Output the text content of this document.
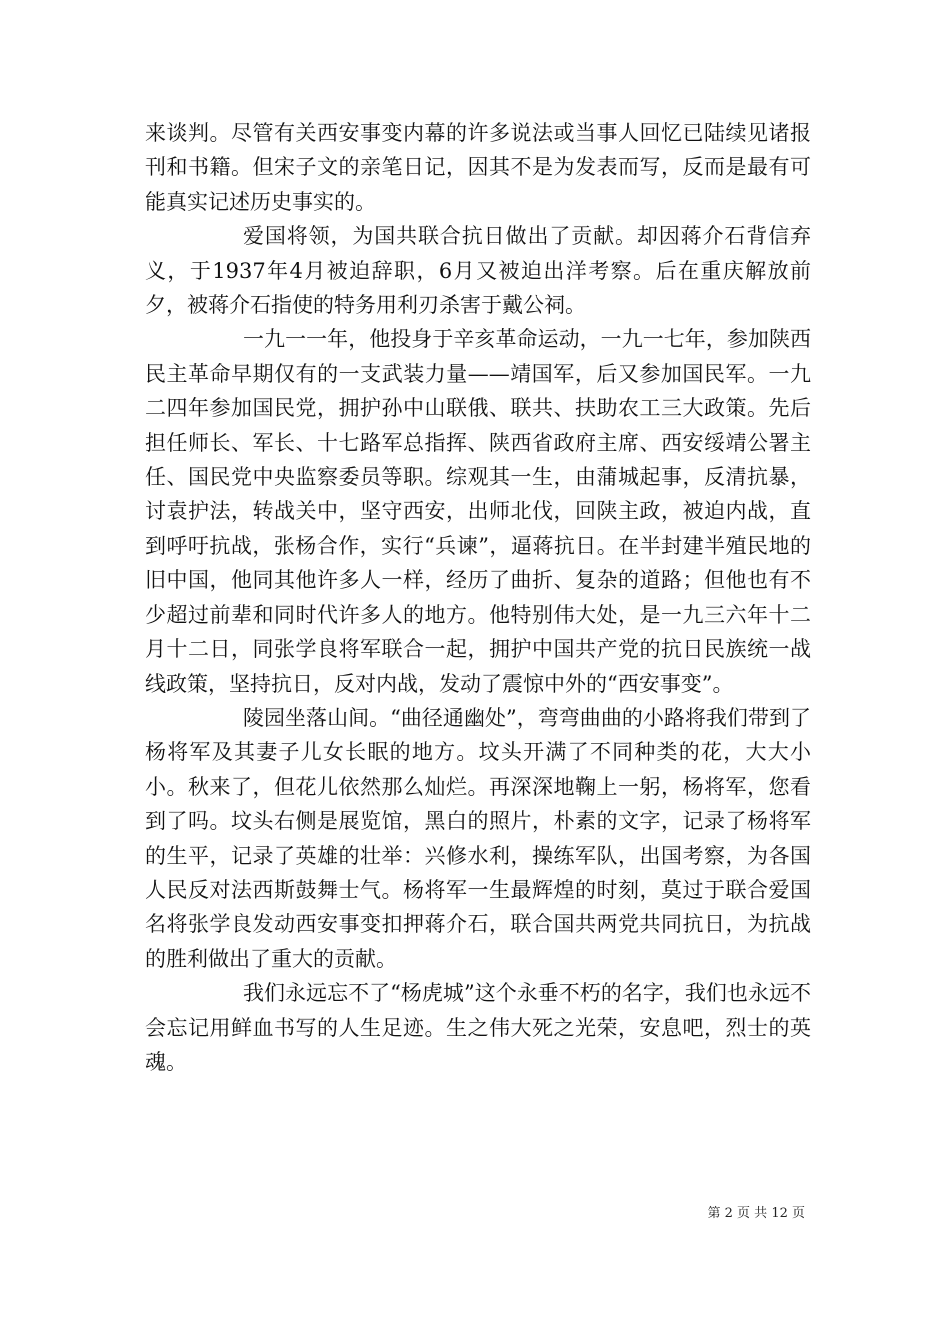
来谈判。尽管有关西安事变内幕的许多说法或当事人回忆已陆续见诸报刊和书籍。但宋子文的亲笔日记，因其不是为发表而写，反而是最有可能真实记述历史事实的。

爱国将领，为国共联合抗日做出了贡献。却因蒋介石背信弃义，于1937年4月被迫辞职，6月又被迫出洋考察。后在重庆解放前夕，被蒋介石指使的特务用利刃杀害于戴公祠。

一九一一年，他投身于辛亥革命运动，一九一七年，参加陕西民主革命早期仅有的一支武装力量——靖国军，后又参加国民军。一九二四年参加国民党，拥护孙中山联俄、联共、扶助农工三大政策。先后担任师长、军长、十七路军总指挥、陕西省政府主席、西安绥靖公署主任、国民党中央监察委员等职。综观其一生，由蒲城起事，反清抗暴，讨袁护法，转战关中，坚守西安，出师北伐，回陕主政，被迫内战，直到呼吁抗战，张杨合作，实行“兵谏”，逼蒋抗日。在半封建半殖民地的旧中国，他同其他许多人一样，经历了曲折、复杂的道路；但他也有不少超过前辈和同时代许多人的地方。他特别伟大处，是一九三六年十二月十二日，同张学良将军联合一起，拥护中国共产党的抗日民族统一战线政策，坚持抗日，反对内战，发动了震惊中外的“西安事变”。

陵园坐落山间。“曲径通幽处”，弯弯曲曲的小路将我们带到了杨将军及其妻子儿女长眠的地方。坟头开满了不同种类的花，大大小小。秋来了，但花儿依然那么灿烂。再深深地鞠上一躬，杨将军，您看到了吗。坟头右侧是展览馆，黑白的照片，朴素的文字，记录了杨将军的生平，记录了英雄的壮举：兴修水利，操练军队，出国考察，为各国人民反对法西斯鼓舞士气。杨将军一生最辉煌的时刻，莫过于联合爱国名将张学良发动西安事变扣押蒋介石，联合国共两党共同抗日，为抗战的胜利做出了重大的贡献。

我们永远忘不了“杨虎城”这个永垂不朽的名字，我们也永远不会忘记用鲜血书写的人生足迹。生之伟大死之光荣，安息吧，烈士的英魂。

第 2 页 共 12 页
